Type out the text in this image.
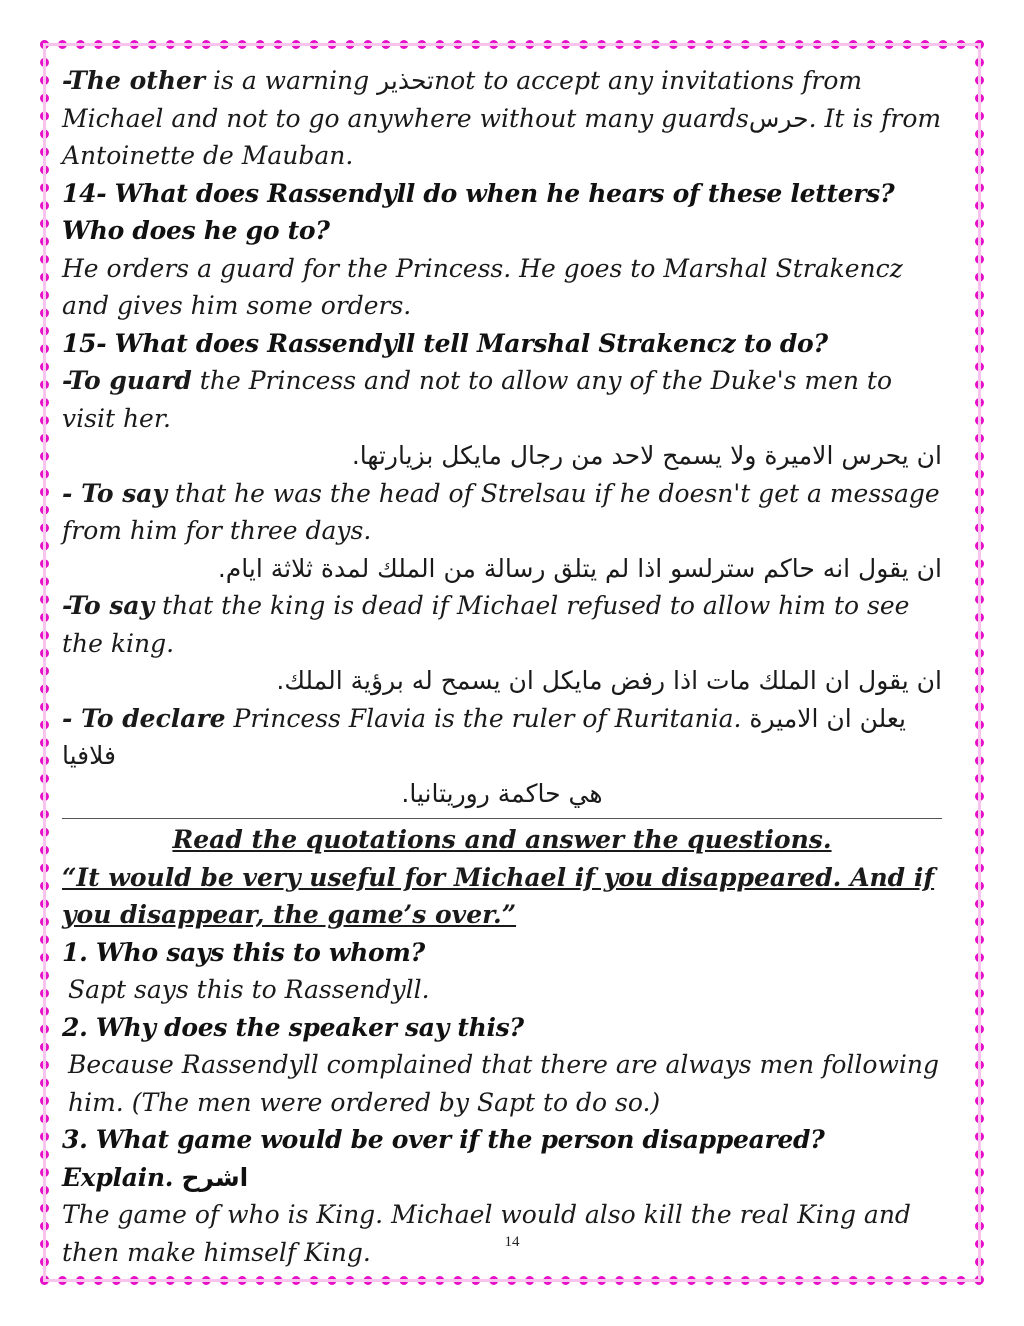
-The other is a warning تحذيرnot to accept any invitations from Michael and not to go anywhere without many guardsحرس. It is from Antoinette de Mauban.

14- What does Rassendyll do when he hears of these letters? Who does he go to?

He orders a guard for the Princess. He goes to Marshal Strakencz and gives him some orders.

15- What does Rassendyll tell Marshal Strakencz to do?

-To guard the Princess and not to allow any of the Duke's men to visit her.

ان يحرس الاميرة ولا يسمح لاحد من رجال مايكل بزيارتها.

- To say that he was the head of Strelsau if he doesn't get a message from him for three days.

ان يقول انه حاكم سترلسو اذا لم يتلق رسالة من الملك لمدة ثلاثة ايام.

-To say that the king is dead if Michael refused to allow him to see the king.

ان يقول ان الملك مات اذا رفض مايكل ان يسمح له برؤية الملك.

- To declare Princess Flavia is the ruler of Ruritania. يعلن ان الاميرة فلافيا

هي حاكمة روريتانيا.

Read the quotations and answer the questions.

“It would be very useful for Michael if you disappeared. And if you disappear, the game’s over.”

1. Who says this to whom?

Sapt says this to Rassendyll.

2. Why does the speaker say this?

Because Rassendyll complained that there are always men following him. (The men were ordered by Sapt to do so.)

3. What game would be over if the person disappeared? Explain. اشرح

The game of who is King. Michael would also kill the real King and then make himself King.	14
